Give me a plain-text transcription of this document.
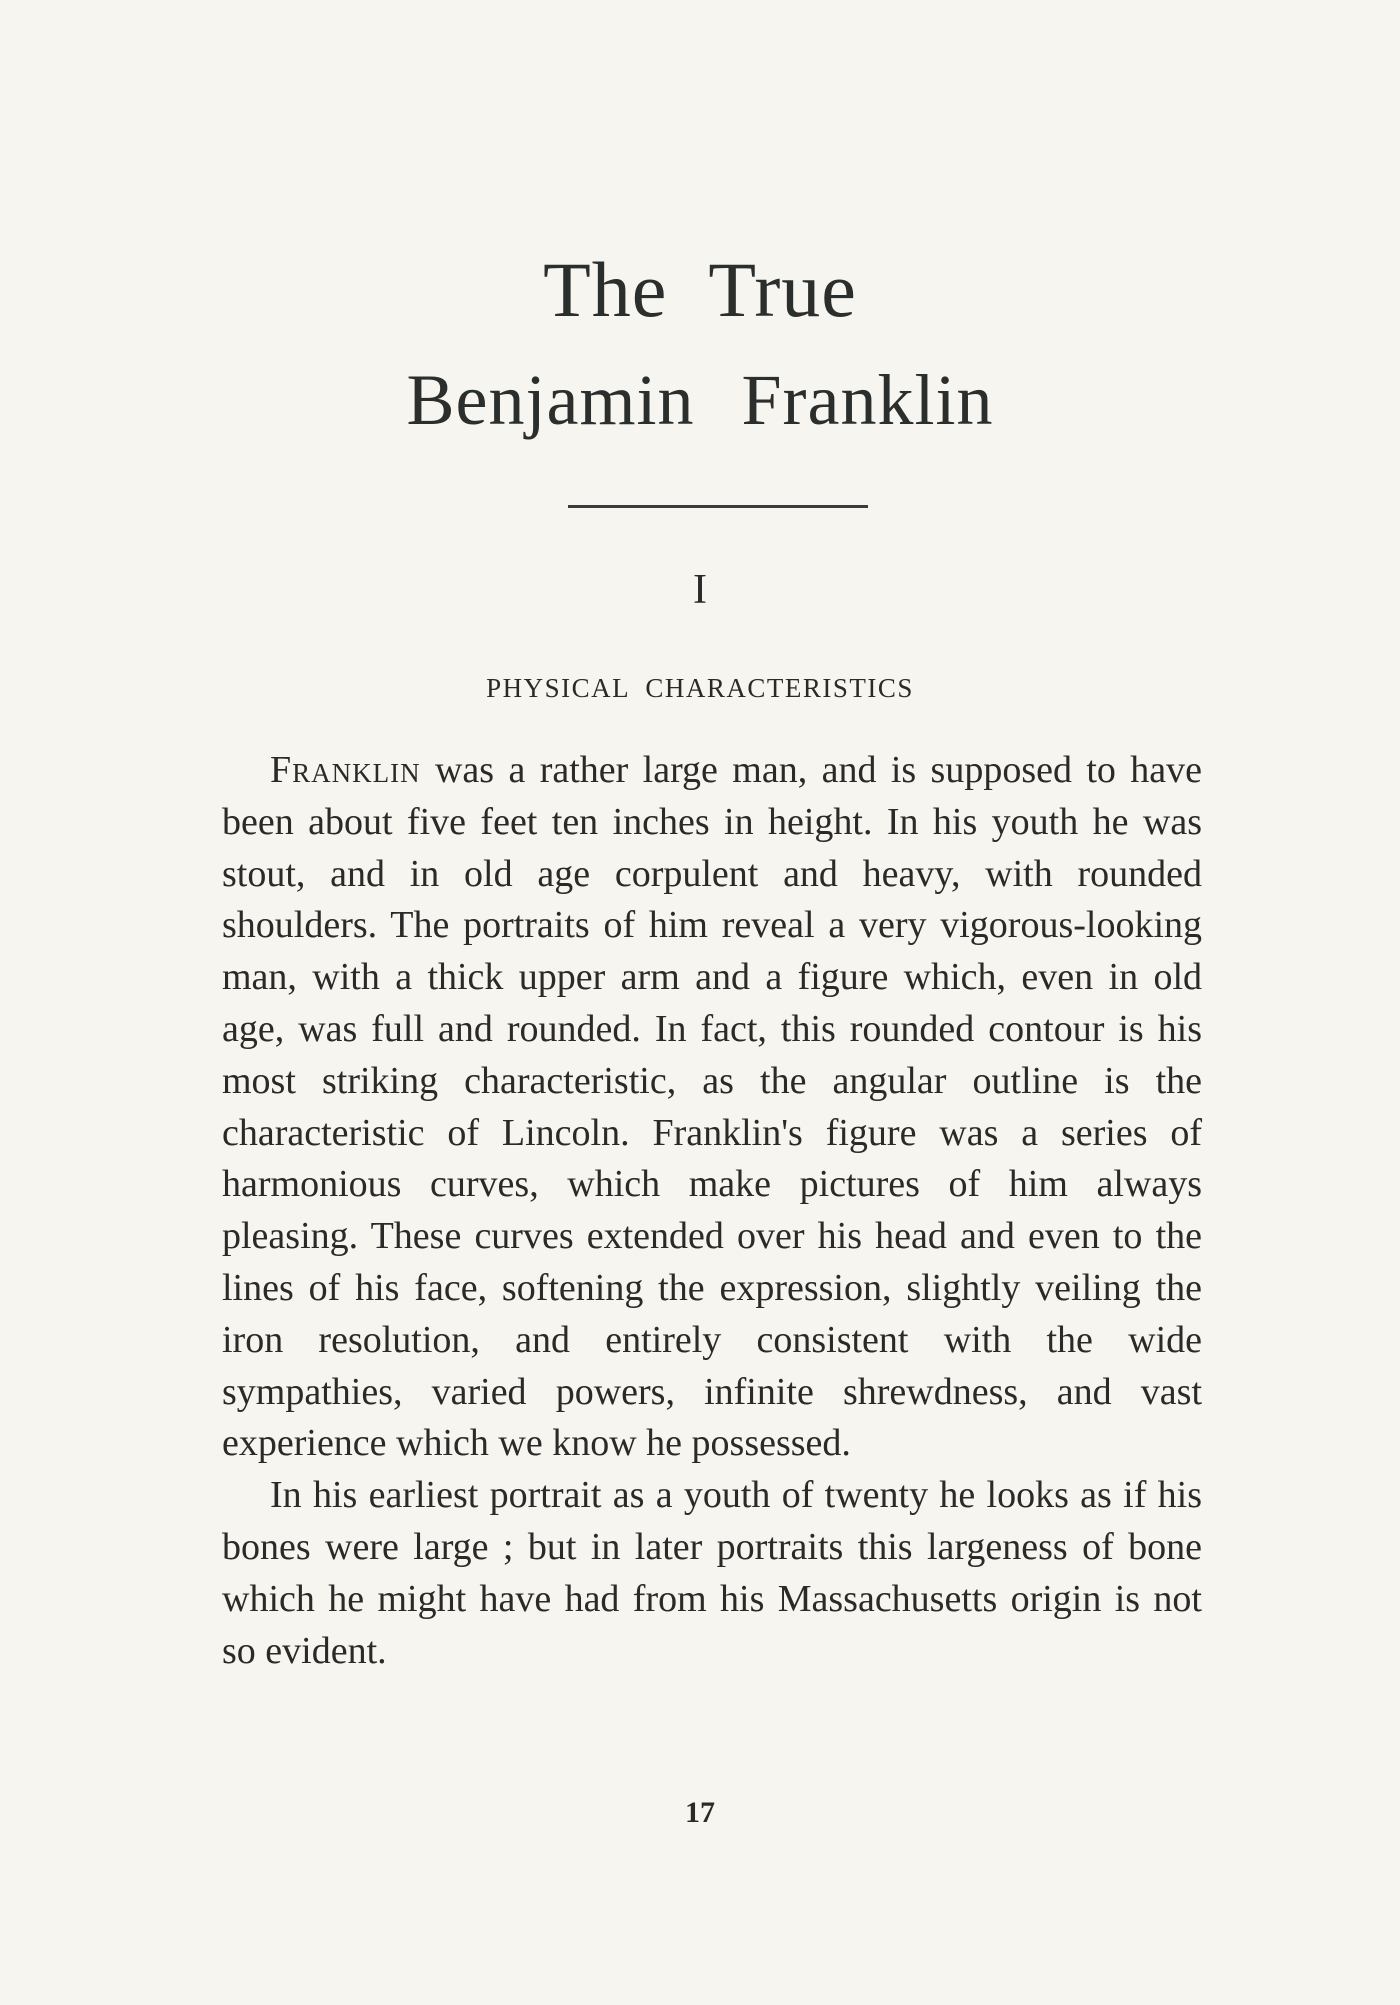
The True
Benjamin Franklin
I
PHYSICAL CHARACTERISTICS

Franklin was a rather large man, and is supposed to have been about five feet ten inches in height. In his youth he was stout, and in old age corpulent and heavy, with rounded shoulders. The portraits of him reveal a very vigorous-looking man, with a thick upper arm and a figure which, even in old age, was full and rounded. In fact, this rounded contour is his most striking characteristic, as the angular outline is the characteristic of Lincoln. Franklin's figure was a series of harmonious curves, which make pictures of him always pleasing. These curves extended over his head and even to the lines of his face, softening the expression, slightly veiling the iron resolution, and entirely consistent with the wide sympathies, varied powers, infinite shrewdness, and vast experience which we know he possessed.

In his earliest portrait as a youth of twenty he looks as if his bones were large ; but in later portraits this largeness of bone which he might have had from his Massachusetts origin is not so evident.

17
